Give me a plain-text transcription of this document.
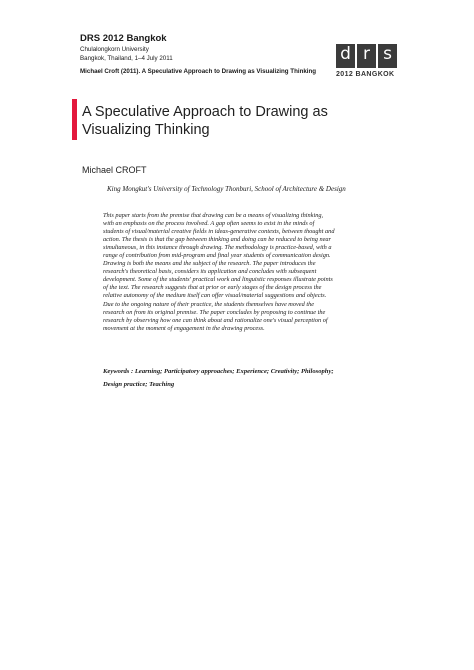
DRS 2012 Bangkok
Chulalongkorn University
Bangkok, Thailand, 1–4 July 2011
Michael Croft (2011). A Speculative Approach to Drawing as Visualizing Thinking
d r s
2012 BANGKOK
A Speculative Approach to Drawing as
Visualizing Thinking
Michael CROFT
King Mongkut's University of Technology Thonburi, School of Architecture & Design

This paper starts from the premise that drawing can be a means of visualizing thinking,
with an emphasis on the process involved. A gap often seems to exist in the minds of
students of visual/material creative fields in ideas-generative contexts, between thought and
action. The thesis is that the gap between thinking and doing can be reduced to being near
simultaneous, in this instance through drawing. The methodology is practice-based, with a
range of contribution from mid-program and final year students of communication design.
Drawing is both the means and the subject of the research. The paper introduces the
research's theoretical basis, considers its application and concludes with subsequent
development. Some of the students' practical work and linguistic responses illustrate points
of the text. The research suggests that at prior or early stages of the design process the
relative autonomy of the medium itself can offer visual/material suggestions and objects.
Due to the ongoing nature of their practice, the students themselves have moved the
research on from its original premise. The paper concludes by proposing to continue the
research by observing how one can think about and rationalize one's visual perception of
movement at the moment of engagement in the drawing process.

Keywords : Learning; Participatory approaches; Experience; Creativity; Philosophy;
Design practice; Teaching
